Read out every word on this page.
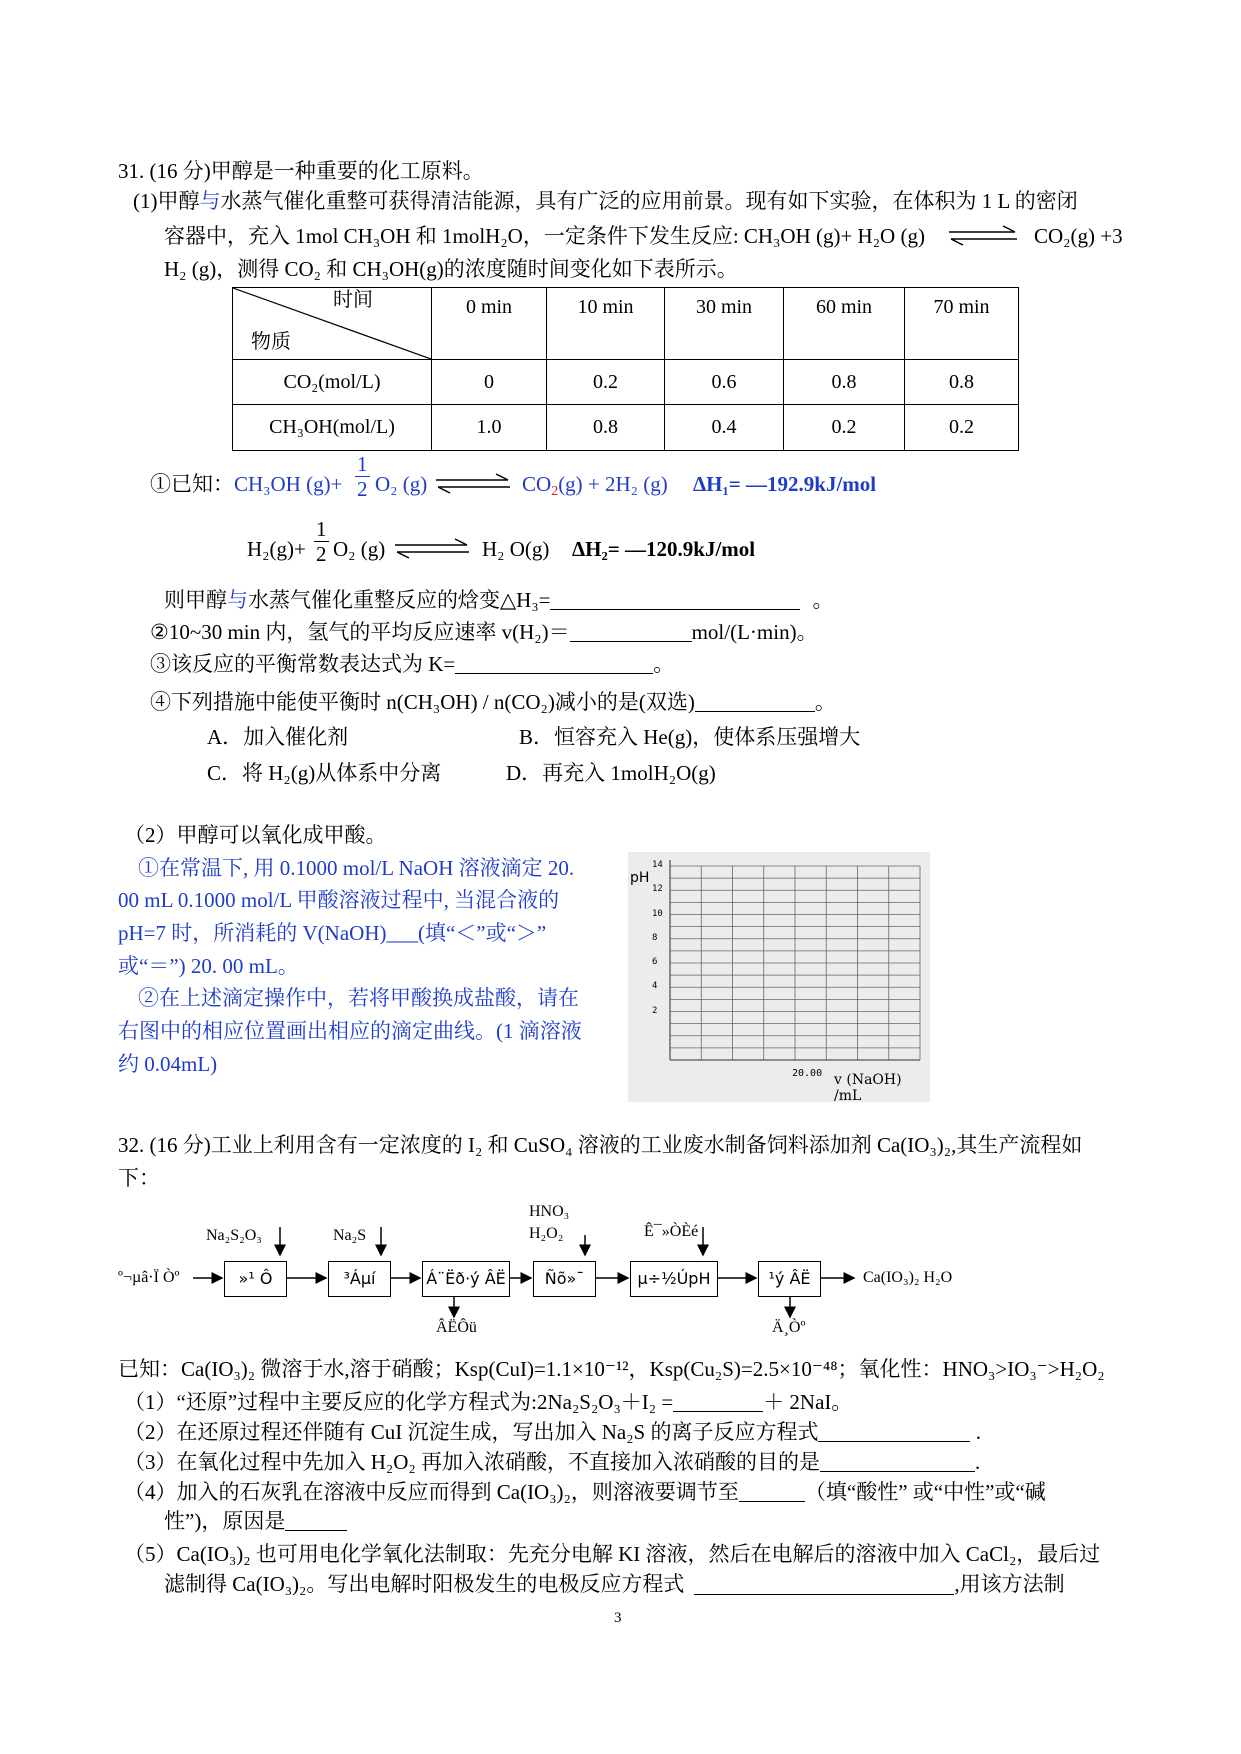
31. (16 分)甲醇是一种重要的化工原料。
(1)甲醇与水蒸气催化重整可获得清洁能源，具有广泛的应用前景。现有如下实验，在体积为 1 L 的密闭
容器中，充入 1mol CH₃OH 和 1molH₂O，一定条件下发生反应: CH₃OH (g)+ H₂O (g) ⇌ CO₂(g) +3
H₂ (g)，测得 CO₂ 和 CH₃OH(g)的浓度随时间变化如下表所示。
时间
物质	0 min	10 min	30 min	60 min	70 min
CO₂(mol/L)	0	0.2	0.6	0.8	0.8
CH₃OH(mol/L)	1.0	0.8	0.4	0.2	0.2
①已知：CH₃OH $(g)+ \frac{1}{2} O_2$ (g) ⇌ $CO_2(g) + 2H_2$ (g) ΔH₁= —192.9kJ/mol
$H_2(g)+ \frac{1}{2} O_2$ (g) ⇌ H₂ O(g) ΔH₂= —120.9kJ/mol
则甲醇与水蒸气催化重整反应的焓变△H₃=	。
②10~30 min 内，氢气的平均反应速率 v(H₂)＝	mol/(L·min)。
③该反应的平衡常数表达式为 K=	。
④下列措施中能使平衡时 n(CH₃OH) / n(CO₂)减小的是(双选)	。
A．加入催化剂	B．恒容充入 He(g)，使体系压强增大
C．将 H₂(g)从体系中分离	D．再充入 1molH₂O(g)
（2）甲醇可以氧化成甲酸。
①在常温下, 用 0.1000 mol/L NaOH 溶液滴定 20.
00 mL 0.1000 mol/L 甲酸溶液过程中, 当混合液的
pH=7 时，所消耗的 V(NaOH)___(填“＜”或“＞”
或“＝”) 20. 00 mL。
②在上述滴定操作中，若将甲酸换成盐酸，请在
右图中的相应位置画出相应的滴定曲线。(1 滴溶液
约 0.04mL)
pH
14
12
10
8
6
4
2
20.00 v (NaOH) /mL
32. (16 分)工业上利用含有一定浓度的 I₂ 和 CuSO₄ 溶液的工业废水制备饲料添加剂 Ca(IO₃)₂,其生产流程如
下：
º¬µâ·Ï Òº	»¹ Ô	³Áµí	Á¨Ëð·ý ÂË	Ñõ»¯	µ÷½ÚpH	¹ý ÂË	Ca(IO₃)₂ H₂O
Na₂S₂O₃	Na₂S
HNO₃
H₂O₂	Ê¯»ÒÈé
ÂËÔü	Ä¸Òº
已知：Ca(IO₃)₂ 微溶于水,溶于硝酸；Ksp(CuI)=1.1×10⁻¹²，Ksp(Cu₂S)=2.5×10⁻⁴⁸；氧化性：HNO₃>IO₃⁻>H₂O₂
（1）“还原”过程中主要反应的化学方程式为:2Na₂S₂O₃＋I₂ =	＋ 2NaI。
（2）在还原过程还伴随有 CuI 沉淀生成，写出加入 Na₂S 的离子反应方程式	.
（3）在氧化过程中先加入 H₂O₂ 再加入浓硝酸，不直接加入浓硝酸的目的是	.
（4）加入的石灰乳在溶液中反应而得到 Ca(IO₃)₂，则溶液要调节至	（填“酸性” 或“中性”或“碱
性”)，原因是
（5）Ca(IO₃)₂ 也可用电化学氧化法制取：先充分电解 KI 溶液，然后在电解后的溶液中加入 CaCl₂，最后过
滤制得 Ca(IO₃)₂。写出电解时阳极发生的电极反应方程式	,用该方法制
3
